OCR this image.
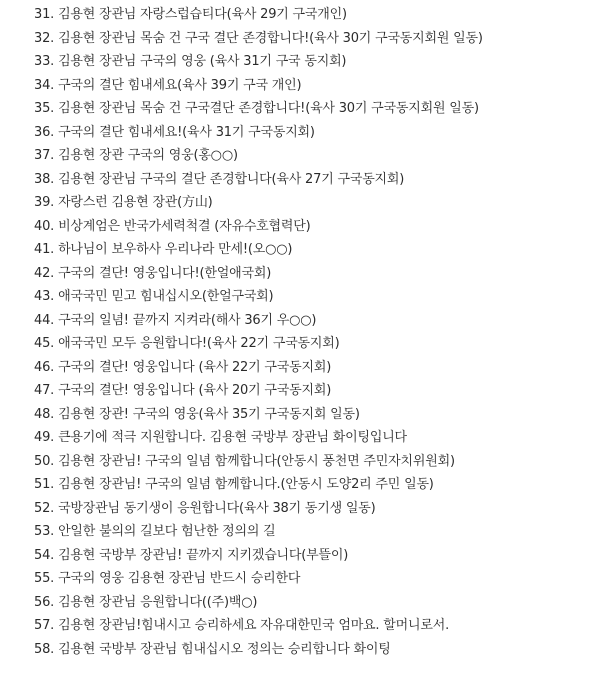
31. 김용현 장관님 자랑스럽습티다(육사 29기 구국개인)
32. 김용현 장관님 목숨 건 구국 결단 존경합니다!(육사 30기 구국동지회원 일동)
33. 김용현 장관님 구국의 영웅 (육사 31기 구국 동지회)
34. 구국의 결단 힘내세요(육사 39기 구국 개인)
35. 김용현 장관님 목숨 건 구국결단 존경합니다!(육사 30기 구국동지회원 일동)
36. 구국의 결단 힘내세요!(육사 31기 구국동지회)
37. 김용현 장관 구국의 영웅(홍○○)
38. 김용현 장관님 구국의 결단 존경합니다(육사 27기 구국동지회)
39. 자랑스런 김용현 장관(方山)
40. 비상계엄은 반국가세력척결 (자유수호협력단)
41. 하나님이 보우하사 우리나라 만세!(오○○)
42. 구국의 결단! 영웅입니다!(한얼애국회)
43. 애국국민 믿고 힘내십시오(한얼구국회)
44. 구국의 일념! 끝까지 지켜라(해사 36기 우○○)
45. 애국국민 모두 응원합니다!(육사 22기 구국동지회)
46. 구국의 결단! 영웅입니다 (육사 22기 구국동지회)
47. 구국의 결단! 영웅입니다 (육사 20기 구국동지회)
48. 김용현 장관! 구국의 영웅(육사 35기 구국동지회 일동)
49. 큰용기에 적극 지원합니다. 김용현 국방부 장관님 화이팅입니다
50. 김용현 장관님! 구국의 일념 함께합니다(안동시 풍천면 주민자치위원회)
51. 김용현 장관님! 구국의 일념 함께합니다.(안동시 도양2리 주민 일동)
52. 국방장관님 동기생이 응원합니다(육사 38기 동기생 일동)
53. 안일한 불의의 길보다 험난한 정의의 길
54. 김용현 국방부 장관님! 끝까지 지키겠습니다(부뜰이)
55. 구국의 영웅 김용현 장관님 반드시 승리한다
56. 김용현 장관님 응원합니다((주)백○)
57. 김용현 장관님!힘내시고 승리하세요 자유대한민국 엄마요. 할머니로서.
58. 김용현 국방부 장관님 힘내십시오 정의는 승리합니다 화이팅
